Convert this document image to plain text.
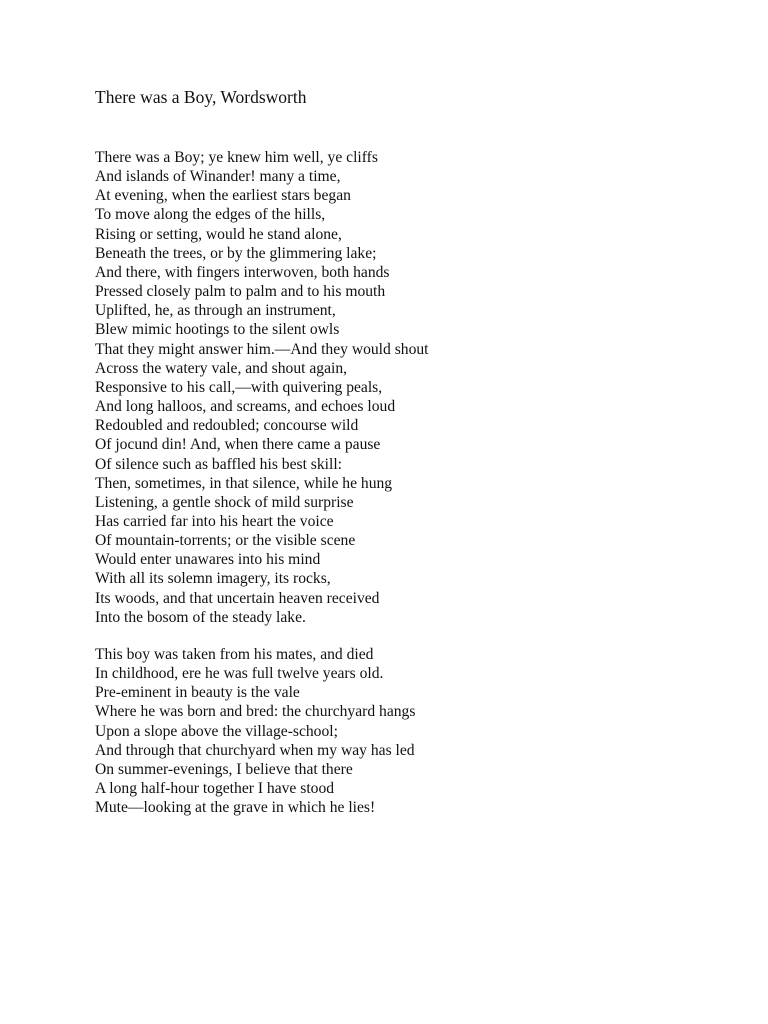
There was a Boy, Wordsworth
There was a Boy; ye knew him well, ye cliffs
And islands of Winander! many a time,
At evening, when the earliest stars began
To move along the edges of the hills,
Rising or setting, would he stand alone,
Beneath the trees, or by the glimmering lake;
And there, with fingers interwoven, both hands
Pressed closely palm to palm and to his mouth
Uplifted, he, as through an instrument,
Blew mimic hootings to the silent owls
That they might answer him.—And they would shout
Across the watery vale, and shout again,
Responsive to his call,—with quivering peals,
And long halloos, and screams, and echoes loud
Redoubled and redoubled; concourse wild
Of jocund din! And, when there came a pause
Of silence such as baffled his best skill:
Then, sometimes, in that silence, while he hung
Listening, a gentle shock of mild surprise
Has carried far into his heart the voice
Of mountain-torrents; or the visible scene
Would enter unawares into his mind
With all its solemn imagery, its rocks,
Its woods, and that uncertain heaven received
Into the bosom of the steady lake.
This boy was taken from his mates, and died
In childhood, ere he was full twelve years old.
Pre-eminent in beauty is the vale
Where he was born and bred: the churchyard hangs
Upon a slope above the village-school;
And through that churchyard when my way has led
On summer-evenings, I believe that there
A long half-hour together I have stood
Mute—looking at the grave in which he lies!
